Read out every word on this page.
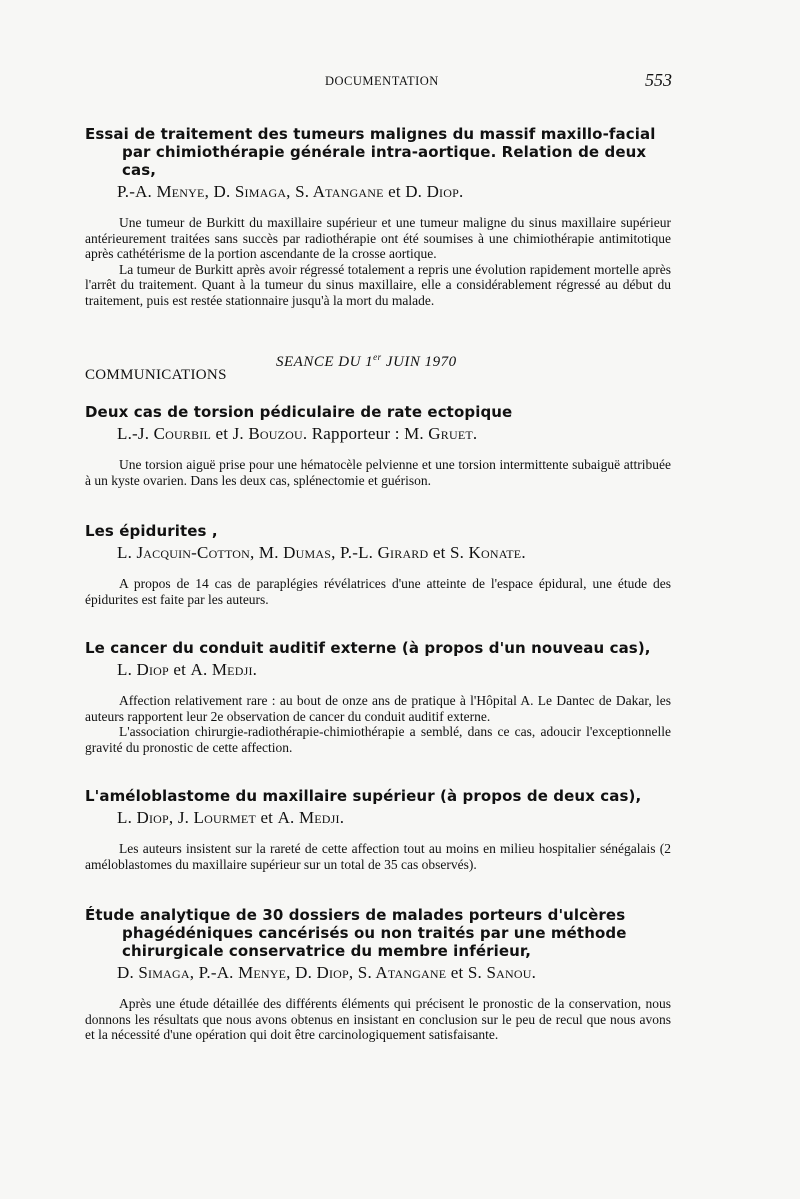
DOCUMENTATION	553

Essai de traitement des tumeurs malignes du massif maxillo-facial par chimiothérapie générale intra-aortique. Relation de deux cas,

P.-A. Menye, D. Simaga, S. Atangane et D. Diop.

Une tumeur de Burkitt du maxillaire supérieur et une tumeur maligne du sinus maxillaire supérieur antérieurement traitées sans succès par radiothérapie ont été soumises à une chimiothérapie antimitotique après cathétérisme de la portion ascendante de la crosse aortique.

La tumeur de Burkitt après avoir régressé totalement a repris une évolution rapidement mortelle après l'arrêt du traitement. Quant à la tumeur du sinus maxillaire, elle a considérablement régressé au début du traitement, puis est restée stationnaire jusqu'à la mort du malade.

SEANCE DU 1er JUIN 1970
COMMUNICATIONS

Deux cas de torsion pédiculaire de rate ectopique

L.-J. Courbil et J. Bouzou. Rapporteur : M. Gruet.

Une torsion aiguë prise pour une hématocèle pelvienne et une torsion intermittente subaiguë attribuée à un kyste ovarien. Dans les deux cas, splénectomie et guérison.

Les épidurites ,

L. Jacquin-Cotton, M. Dumas, P.-L. Girard et S. Konate.

A propos de 14 cas de paraplégies révélatrices d'une atteinte de l'espace épidural, une étude des épidurites est faite par les auteurs.

Le cancer du conduit auditif externe (à propos d'un nouveau cas),

L. Diop et A. Medji.

Affection relativement rare : au bout de onze ans de pratique à l'Hôpital A. Le Dantec de Dakar, les auteurs rapportent leur 2e observation de cancer du conduit auditif externe.

L'association chirurgie-radiothérapie-chimiothérapie a semblé, dans ce cas, adoucir l'exceptionnelle gravité du pronostic de cette affection.

L'améloblastome du maxillaire supérieur (à propos de deux cas),

L. Diop, J. Lourmet et A. Medji.

Les auteurs insistent sur la rareté de cette affection tout au moins en milieu hospitalier sénégalais (2 améloblastomes du maxillaire supérieur sur un total de 35 cas observés).

Étude analytique de 30 dossiers de malades porteurs d'ulcères phagédéniques cancérisés ou non traités par une méthode chirurgicale conservatrice du membre inférieur,

D. Simaga, P.-A. Menye, D. Diop, S. Atangane et S. Sanou.

Après une étude détaillée des différents éléments qui précisent le pronostic de la conservation, nous donnons les résultats que nous avons obtenus en insistant en conclusion sur le peu de recul que nous avons et la nécessité d'une opération qui doit être carcinologiquement satisfaisante.
